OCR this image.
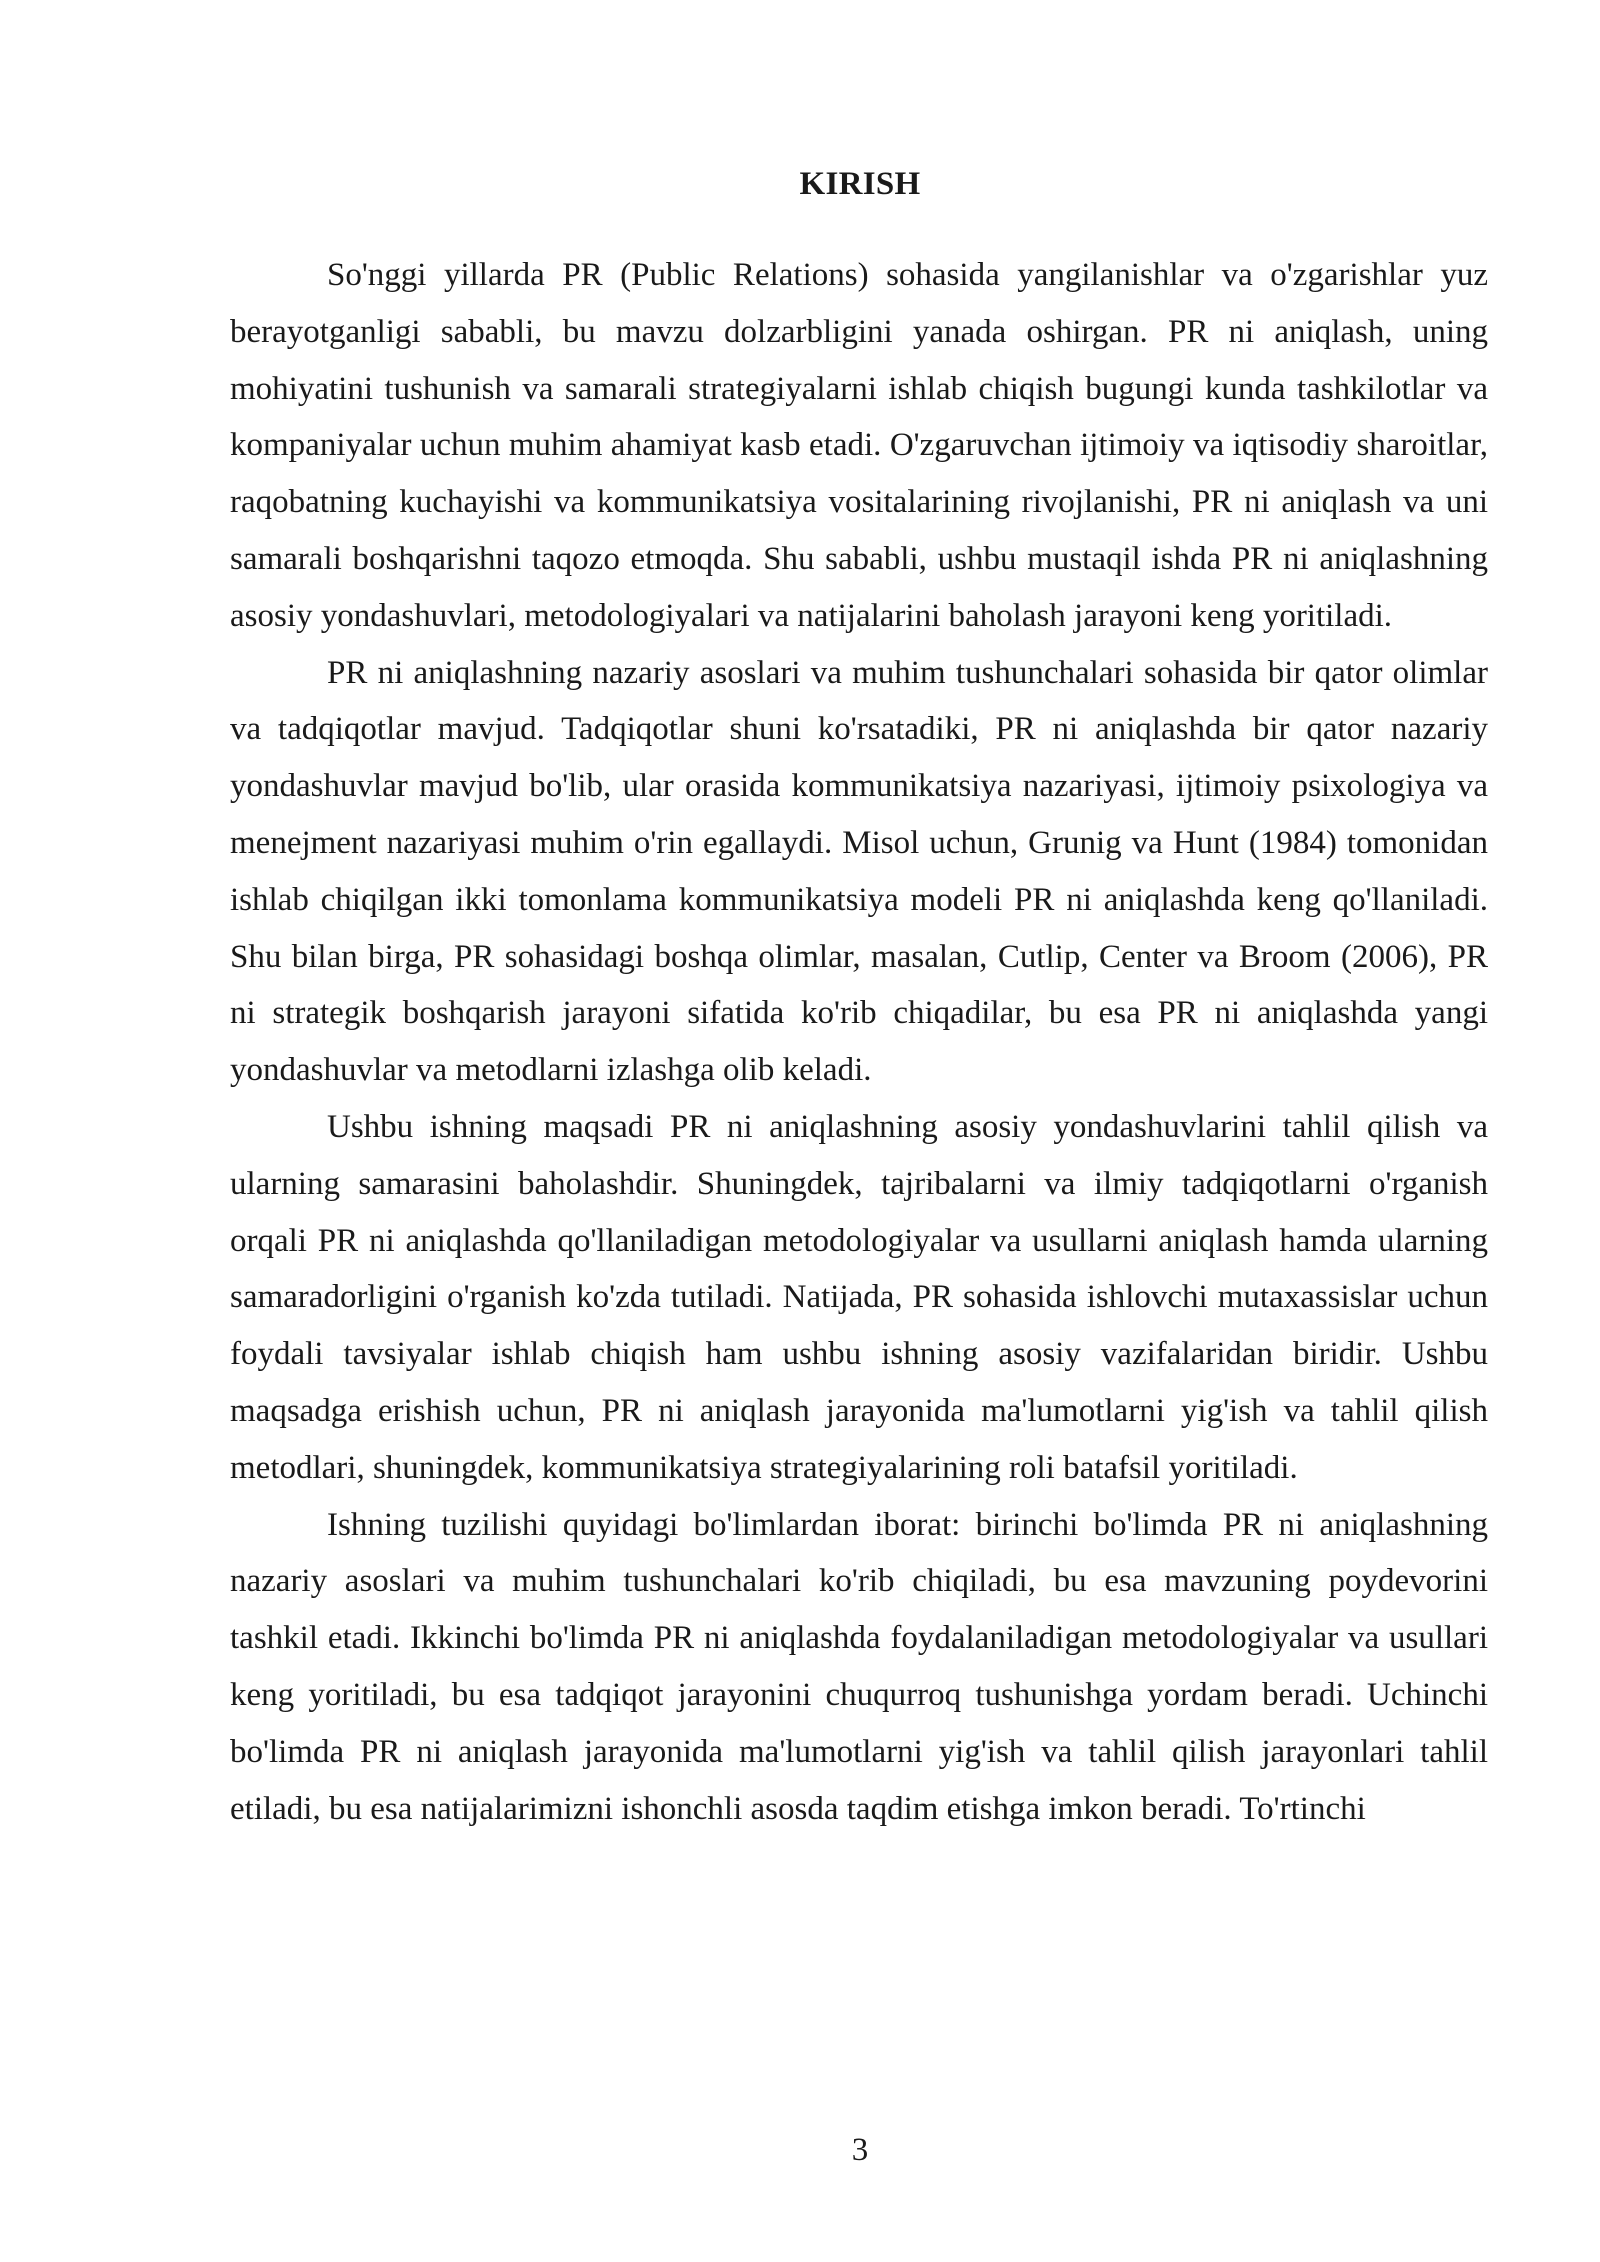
KIRISH

So'nggi yillarda PR (Public Relations) sohasida yangilanishlar va o'zgarishlar yuz berayotganligi sababli, bu mavzu dolzarbligini yanada oshirgan. PR ni aniqlash, uning mohiyatini tushunish va samarali strategiyalarni ishlab chiqish bugungi kunda tashkilotlar va kompaniyalar uchun muhim ahamiyat kasb etadi. O'zgaruvchan ijtimoiy va iqtisodiy sharoitlar, raqobatning kuchayishi va kommunikatsiya vositalarining rivojlanishi, PR ni aniqlash va uni samarali boshqarishni taqozo etmoqda. Shu sababli, ushbu mustaqil ishda PR ni aniqlashning asosiy yondashuvlari, metodologiyalari va natijalarini baholash jarayoni keng yoritiladi.

PR ni aniqlashning nazariy asoslari va muhim tushunchalari sohasida bir qator olimlar va tadqiqotlar mavjud. Tadqiqotlar shuni ko'rsatadiki, PR ni aniqlashda bir qator nazariy yondashuvlar mavjud bo'lib, ular orasida kommunikatsiya nazariyasi, ijtimoiy psixologiya va menejment nazariyasi muhim o'rin egallaydi. Misol uchun, Grunig va Hunt (1984) tomonidan ishlab chiqilgan ikki tomonlama kommunikatsiya modeli PR ni aniqlashda keng qo'llaniladi. Shu bilan birga, PR sohasidagi boshqa olimlar, masalan, Cutlip, Center va Broom (2006), PR ni strategik boshqarish jarayoni sifatida ko'rib chiqadilar, bu esa PR ni aniqlashda yangi yondashuvlar va metodlarni izlashga olib keladi.

Ushbu ishning maqsadi PR ni aniqlashning asosiy yondashuvlarini tahlil qilish va ularning samarasini baholashdir. Shuningdek, tajribalarni va ilmiy tadqiqotlarni o'rganish orqali PR ni aniqlashda qo'llaniladigan metodologiyalar va usullarni aniqlash hamda ularning samaradorligini o'rganish ko'zda tutiladi. Natijada, PR sohasida ishlovchi mutaxassislar uchun foydali tavsiyalar ishlab chiqish ham ushbu ishning asosiy vazifalaridan biridir. Ushbu maqsadga erishish uchun, PR ni aniqlash jarayonida ma'lumotlarni yig'ish va tahlil qilish metodlari, shuningdek, kommunikatsiya strategiyalarining roli batafsil yoritiladi.

Ishning tuzilishi quyidagi bo'limlardan iborat: birinchi bo'limda PR ni aniqlashning nazariy asoslari va muhim tushunchalari ko'rib chiqiladi, bu esa mavzuning poydevorini tashkil etadi. Ikkinchi bo'limda PR ni aniqlashda foydalaniladigan metodologiyalar va usullari keng yoritiladi, bu esa tadqiqot jarayonini chuqurroq tushunishga yordam beradi. Uchinchi bo'limda PR ni aniqlash jarayonida ma'lumotlarni yig'ish va tahlil qilish jarayonlari tahlil etiladi, bu esa natijalarimizni ishonchli asosda taqdim etishga imkon beradi. To'rtinchi

3
